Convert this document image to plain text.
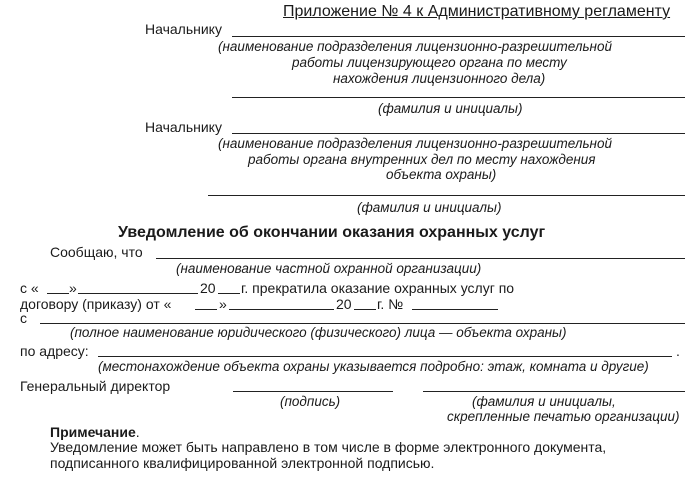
Приложение № 4 к Административному регламенту
Начальнику
(наименование подразделения лицензионно-разрешительной
работы лицензирующего органа по месту
нахождения лицензионного дела)
(фамилия и инициалы)
Начальнику
(наименование подразделения лицензионно-разрешительной
работы органа внутренних дел по месту нахождения
объекта охраны)
(фамилия и инициалы)
Уведомление об окончании оказания охранных услуг
Сообщаю, что
(наименование частной охранной организации)
с « »	20 г. прекратила оказание охранных услуг по
договору (приказу) от «	»	20 г. №
с
(полное наименование юридического (физического) лица — объекта охраны)
по адресу:	.
(местонахождение объекта охраны указывается подробно: этаж, комната и другие)
Генеральный директор
(подпись)	(фамилия и инициалы,
скрепленные печатью организации)
Примечание.
Уведомление может быть направлено в том числе в форме электронного документа,
подписанного квалифицированной электронной подписью.
